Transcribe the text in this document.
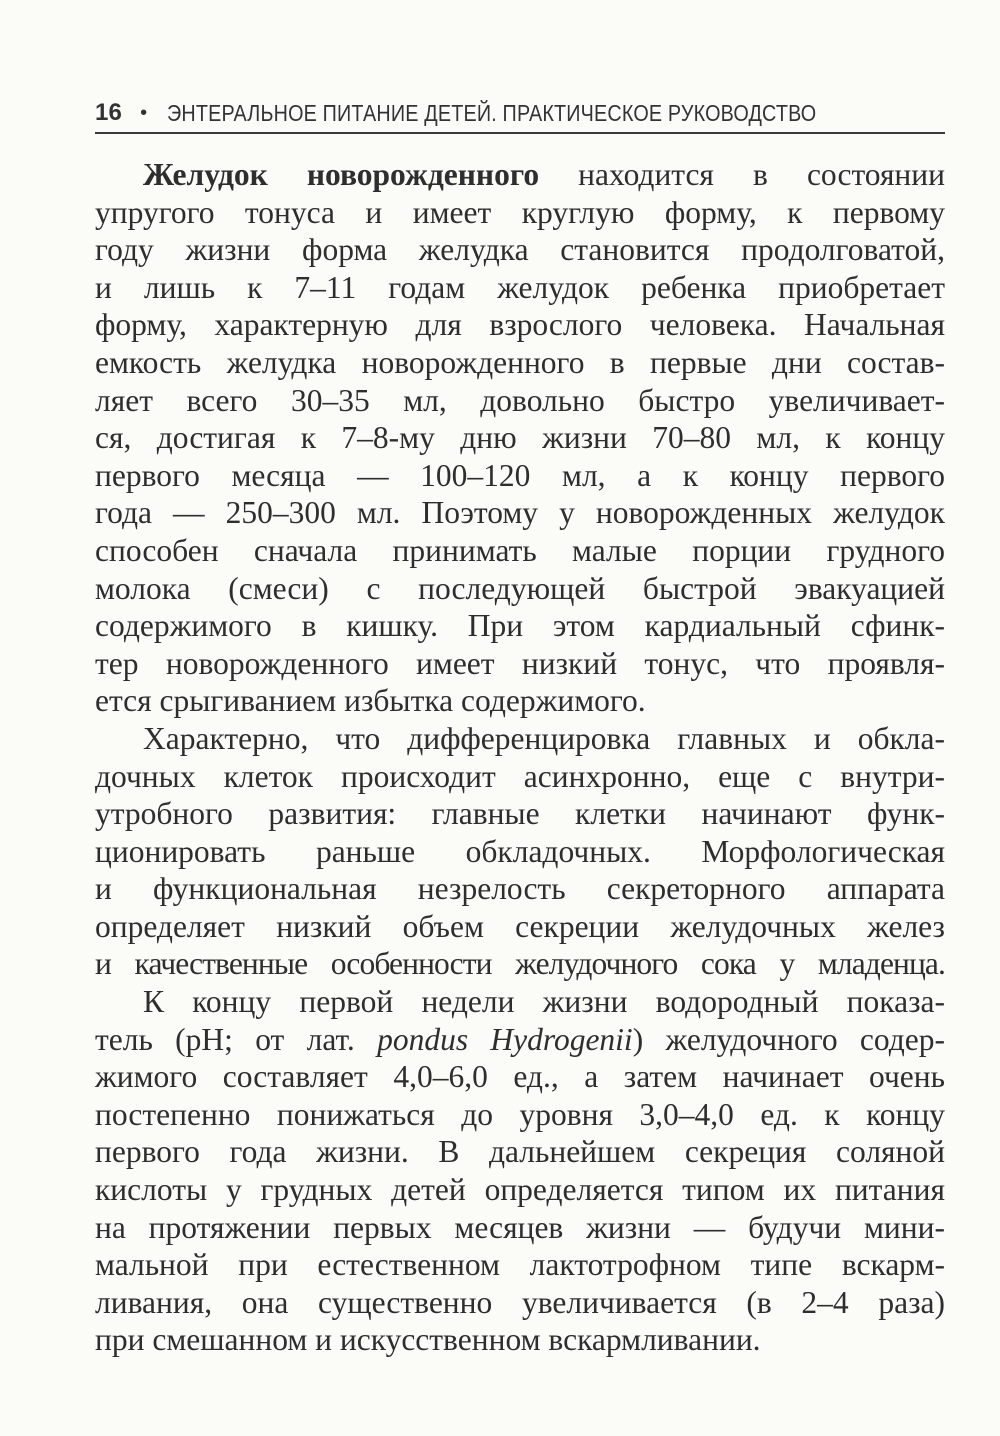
16 • ЭНТЕРАЛЬНОЕ ПИТАНИЕ ДЕТЕЙ. ПРАКТИЧЕСКОЕ РУКОВОДСТВО

Желудок новорожденного находится в состоянии
упругого тонуса и имеет круглую форму, к первому
году жизни форма желудка становится продолговатой,
и лишь к 7–11 годам желудок ребенка приобретает
форму, характерную для взрослого человека. Начальная
емкость желудка новорожденного в первые дни состав-
ляет всего 30–35 мл, довольно быстро увеличивает-
ся, достигая к 7–8-му дню жизни 70–80 мл, к концу
первого месяца — 100–120 мл, а к концу первого
года — 250–300 мл. Поэтому у новорожденных желудок
способен сначала принимать малые порции грудного
молока (смеси) с последующей быстрой эвакуацией
содержимого в кишку. При этом кардиальный сфинк-
тер новорожденного имеет низкий тонус, что проявля-
ется срыгиванием избытка содержимого.

Характерно, что дифференцировка главных и обкла-
дочных клеток происходит асинхронно, еще с внутри-
утробного развития: главные клетки начинают функ-
ционировать раньше обкладочных. Морфологическая
и функциональная незрелость секреторного аппарата
определяет низкий объем секреции желудочных желез
и качественные особенности желудочного сока у младенца.

К концу первой недели жизни водородный показа-
тель (рН; от лат. pondus Hydrogenii) желудочного содер-
жимого составляет 4,0–6,0 ед., а затем начинает очень
постепенно понижаться до уровня 3,0–4,0 ед. к концу
первого года жизни. В дальнейшем секреция соляной
кислоты у грудных детей определяется типом их питания
на протяжении первых месяцев жизни — будучи мини-
мальной при естественном лактотрофном типе вскарм-
ливания, она существенно увеличивается (в 2–4 раза)
при смешанном и искусственном вскармливании.
